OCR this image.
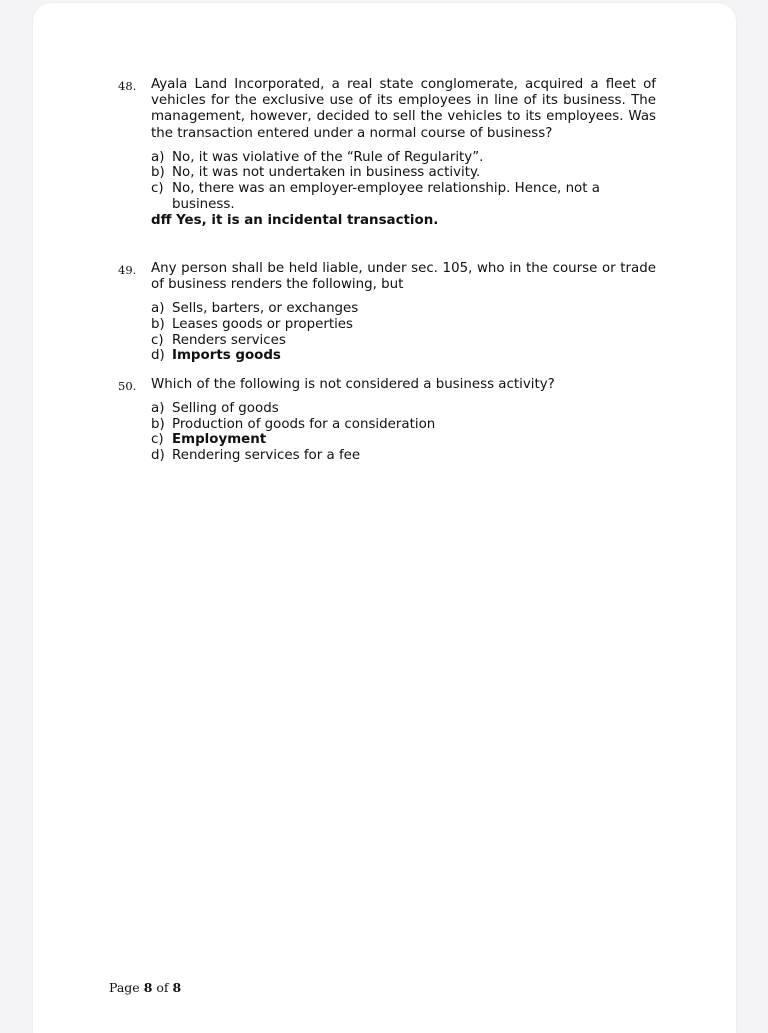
48. Ayala Land Incorporated, a real state conglomerate, acquired a fleet of vehicles for the exclusive use of its employees in line of its business. The management, however, decided to sell the vehicles to its employees. Was the transaction entered under a normal course of business?
a) No, it was violative of the “Rule of Regularity”.
b) No, it was not undertaken in business activity.
c) No, there was an employer-employee relationship. Hence, not a business.
dff Yes, it is an incidental transaction.
49. Any person shall be held liable, under sec. 105, who in the course or trade of business renders the following, but
a) Sells, barters, or exchanges
b) Leases goods or properties
c) Renders services
d) Imports goods
50. Which of the following is not considered a business activity?
a) Selling of goods
b) Production of goods for a consideration
c) Employment
d) Rendering services for a fee
Page 8 of 8
